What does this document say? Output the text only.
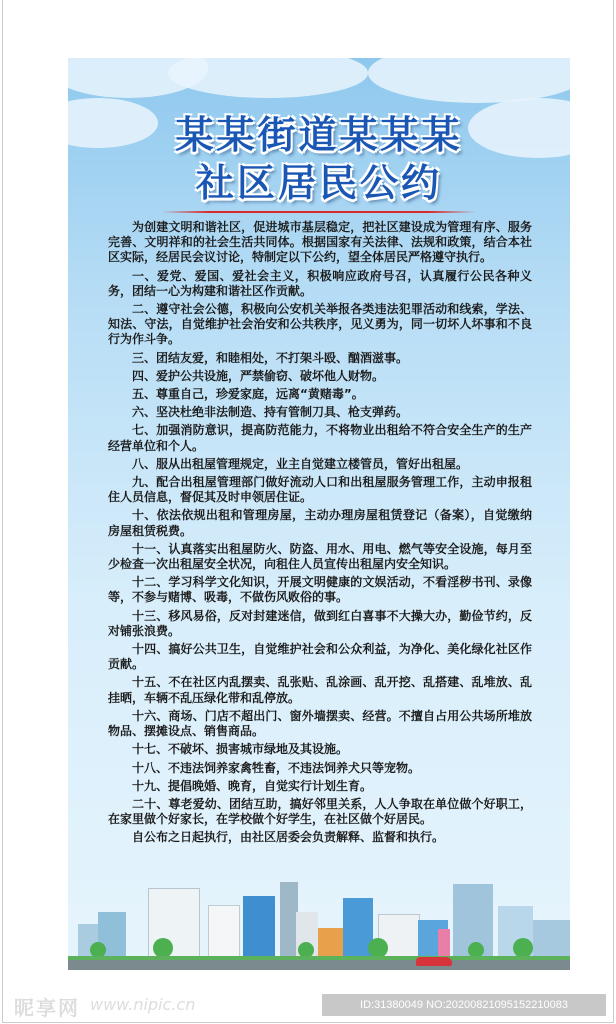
某某街道某某某
社区居民公约

为创建文明和谐社区，促进城市基层稳定，把社区建设成为管理有序、服务完善、文明祥和的社会生活共同体。根据国家有关法律、法规和政策，结合本社区实际，经居民会议讨论，特制定以下公约，望全体居民严格遵守执行。

一、爱党、爱国、爱社会主义，积极响应政府号召，认真履行公民各种义务，团结一心为构建和谐社区作贡献。

二、遵守社会公德，积极向公安机关举报各类违法犯罪活动和线索，学法、知法、守法，自觉维护社会治安和公共秩序，见义勇为，同一切坏人坏事和不良行为作斗争。

三、团结友爱，和睦相处，不打架斗殴、酗酒滋事。

四、爱护公共设施，严禁偷窃、破坏他人财物。

五、尊重自己，珍爱家庭，远离“黄赌毒”。

六、坚决杜绝非法制造、持有管制刀具、枪支弹药。

七、加强消防意识，提高防范能力，不将物业出租给不符合安全生产的生产经营单位和个人。

八、服从出租屋管理规定，业主自觉建立楼管员，管好出租屋。

九、配合出租屋管理部门做好流动人口和出租屋服务管理工作，主动申报租住人员信息，督促其及时申领居住证。

十、依法依规出租和管理房屋，主动办理房屋租赁登记（备案），自觉缴纳房屋租赁税费。

十一、认真落实出租屋防火、防盗、用水、用电、燃气等安全设施，每月至少检查一次出租屋安全状况，向租住人员宣传出租屋内安全知识。

十二、学习科学文化知识，开展文明健康的文娱活动，不看淫秽书刊、录像等，不参与赌博、吸毒，不做伤风败俗的事。

十三、移风易俗，反对封建迷信，做到红白喜事不大操大办，勤俭节约，反对铺张浪费。

十四、搞好公共卫生，自觉维护社会和公众利益，为净化、美化绿化社区作贡献。

十五、不在社区内乱摆卖、乱张贴、乱涂画、乱开挖、乱搭建、乱堆放、乱挂晒，车辆不乱压绿化带和乱停放。

十六、商场、门店不超出门、窗外墙摆卖、经营。不擅自占用公共场所堆放物品、摆摊设点、销售商品。

十七、不破坏、损害城市绿地及其设施。

十八、不违法饲养家禽牲畜，不违法饲养犬只等宠物。

十九、提倡晚婚、晚育，自觉实行计划生育。

二十、尊老爱幼、团结互助，搞好邻里关系，人人争取在单位做个好职工，在家里做个好家长，在学校做个好学生，在社区做个好居民。

自公布之日起执行，由社区居委会负责解释、监督和执行。

昵享网 www.nipic.cn	ID:31380049 NO:20200821095152210083
